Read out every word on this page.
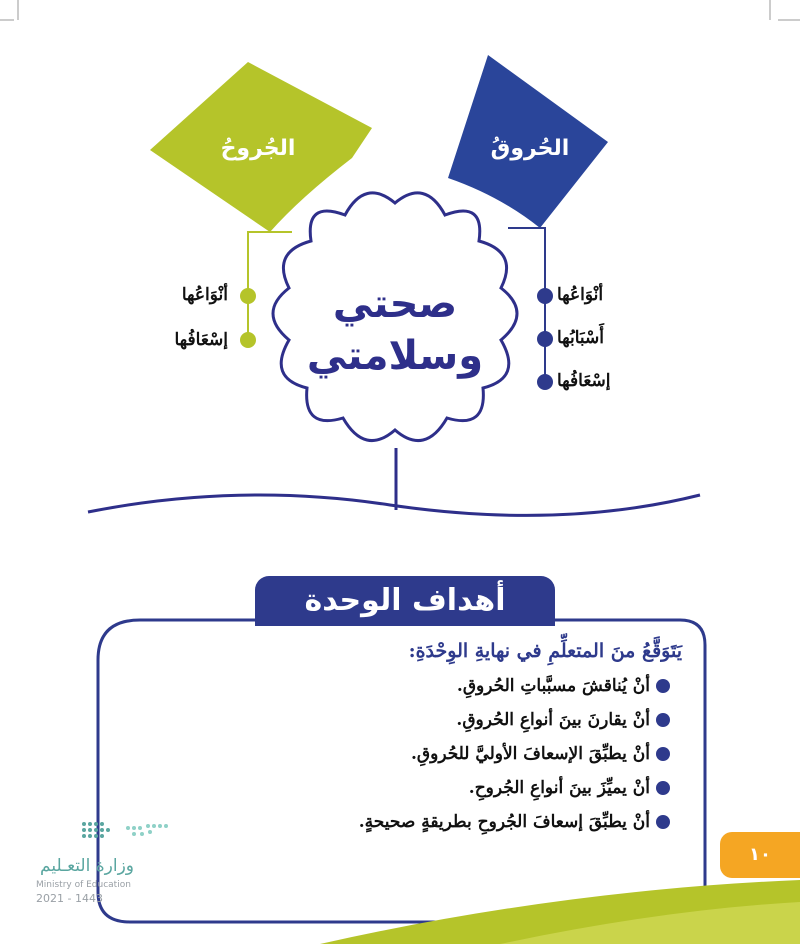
الجُروحُ	الحُروقُ
صحتي
وسلامتي
أنْوَاعُها
إسْعَافُها
أنْوَاعُها
أَسْبَابُها
إسْعَافُها
أهداف الوحدة
يَتَوَقَّعُ منَ المتعلِّمِ في نهايةِ الوِحْدَةِ:
أنْ يُناقشَ مسبَّباتِ الحُروقِ.
أنْ يقارنَ بينَ أنواعِ الحُروقِ.
أنْ يطبِّقَ الإسعافَ الأوليَّ للحُروقِ.
أنْ يميِّزَ بينَ أنواعِ الجُروحِ.
أنْ يطبِّقَ إسعافَ الجُروحِ بطريقةٍ صحيحةٍ.
١٠
وزارة التعـليم
Ministry of Education
2021 - 1443
